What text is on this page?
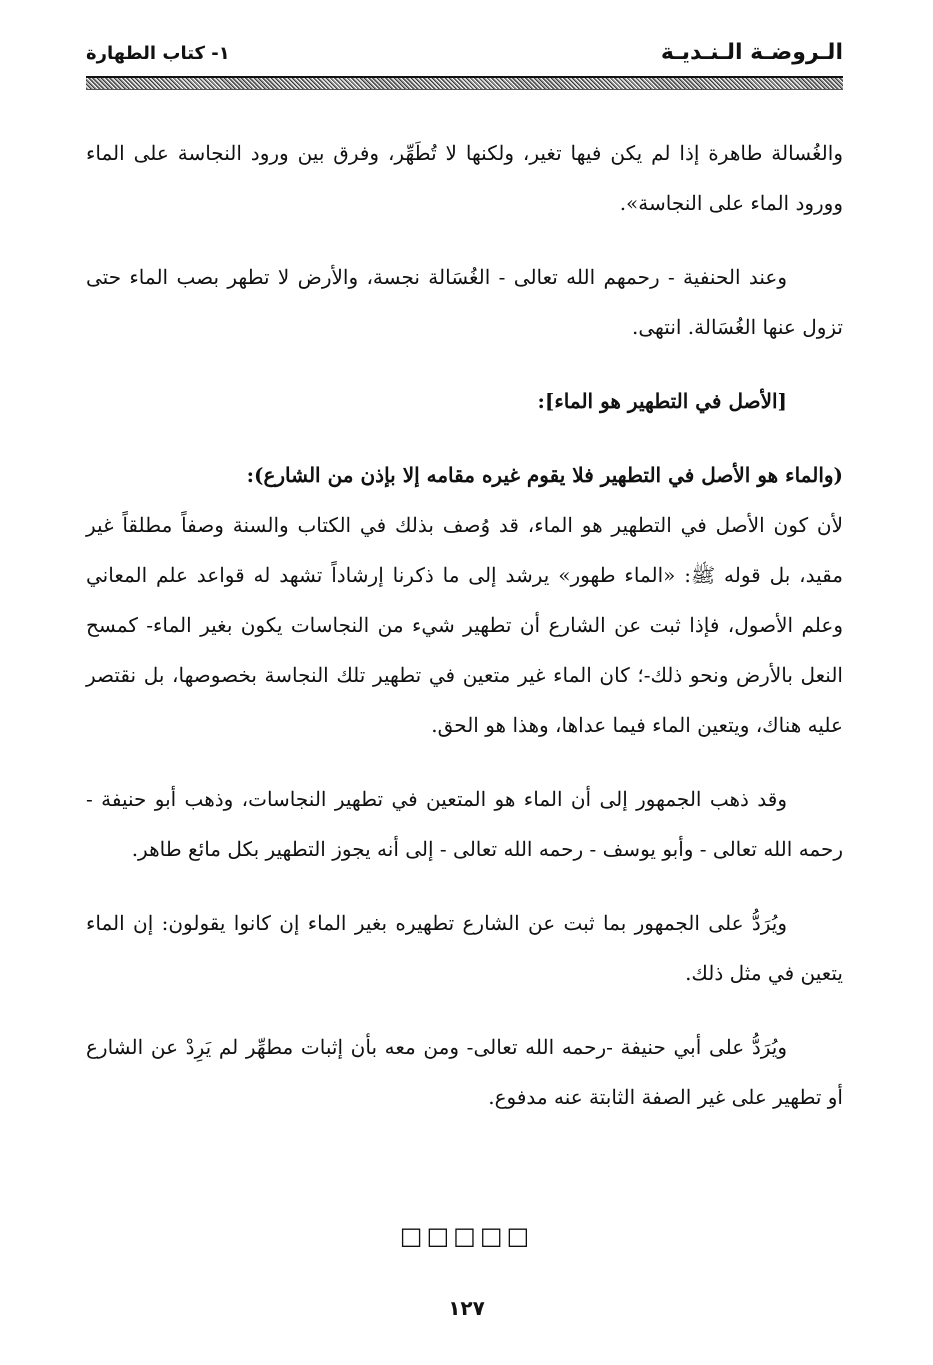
الـروضـة الـنـديـة
١- كتاب الطهارة

والغُسالة طاهرة إذا لم يكن فيها تغير، ولكنها لا تُطَهِّر، وفرق بين ورود النجاسة على الماء وورود الماء على النجاسة».

وعند الحنفية - رحمهم الله تعالى - الغُسَالة نجسة، والأرض لا تطهر بصب الماء حتى تزول عنها الغُسَالة. انتهى.

[الأصل في التطهير هو الماء]:

(والماء هو الأصل في التطهير فلا يقوم غيره مقامه إلا بإذن من الشارع):
لأن كون الأصل في التطهير هو الماء، قد وُصف بذلك في الكتاب والسنة وصفاً مطلقاً غير مقيد، بل قوله ﷺ: «الماء طهور» يرشد إلى ما ذكرنا إرشاداً تشهد له قواعد علم المعاني وعلم الأصول، فإذا ثبت عن الشارع أن تطهير شيء من النجاسات يكون بغير الماء- كمسح النعل بالأرض ونحو ذلك-؛ كان الماء غير متعين في تطهير تلك النجاسة بخصوصها، بل نقتصر عليه هناك، ويتعين الماء فيما عداها، وهذا هو الحق.

وقد ذهب الجمهور إلى أن الماء هو المتعين في تطهير النجاسات، وذهب أبو حنيفة - رحمه الله تعالى - وأبو يوسف - رحمه الله تعالى - إلى أنه يجوز التطهير بكل مائع طاهر.

ويُرَدُّ على الجمهور بما ثبت عن الشارع تطهيره بغير الماء إن كانوا يقولون: إن الماء يتعين في مثل ذلك.

ويُرَدُّ على أبي حنيفة -رحمه الله تعالى- ومن معه بأن إثبات مطهِّر لم يَرِدْ عن الشارع أو تطهير على غير الصفة الثابتة عنه مدفوع.

□□□□□
١٢٧
